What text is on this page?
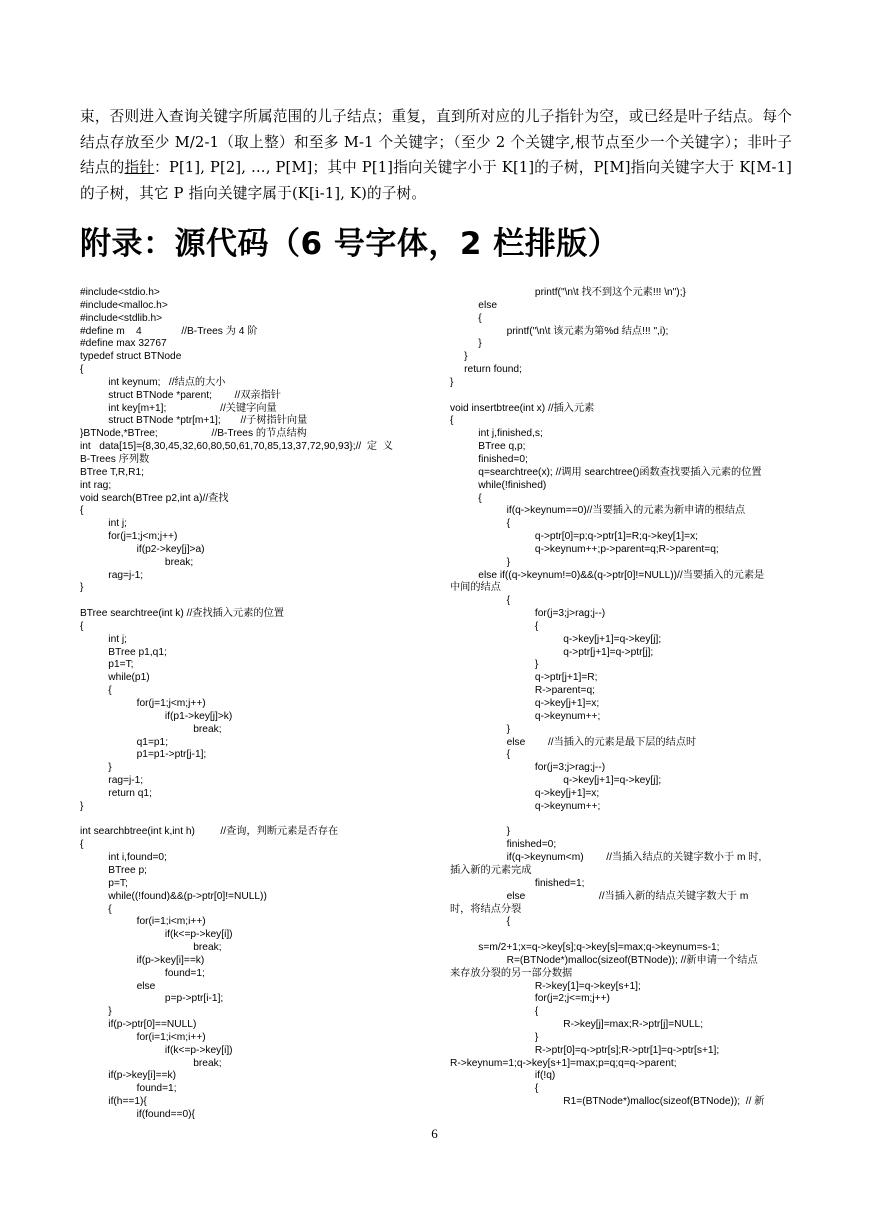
束，否则进入查询关键字所属范围的儿子结点；重复，直到所对应的儿子指针为空，或已经是叶子结点。每个结点存放至少 M/2-1（取上整）和至多 M-1 个关键字；（至少 2 个关键字,根节点至少一个关键字）；非叶子结点的指针：P[1], P[2], …, P[M]；其中 P[1]指向关键字小于 K[1]的子树，P[M]指向关键字大于 K[M-1]的子树，其它 P 指向关键字属于(K[i-1], K)的子树。
附录：源代码（6 号字体，2 栏排版）
#include<stdio.h>
#include<malloc.h>
#include<stdlib.h>
#define m    4              //B-Trees 为 4 阶
#define max 32767
typedef struct BTNode
{
int keynum;   //结点的大小
struct BTNode *parent;        //双亲指针
int key[m+1];                   //关键字向量
struct BTNode *ptr[m+1];       //子树指针向量
}BTNode,*BTree;                   //B-Trees 的节点结构
int   data[15]={8,30,45,32,60,80,50,61,70,85,13,37,72,90,93};//  定  义
B-Trees 序列数
BTree T,R,R1;
int rag;
void search(BTree p2,int a)//查找
{
int j;
for(j=1;j<m;j++)
if(p2->key[j]>a)
break;
rag=j-1;
}
BTree searchtree(int k) //查找插入元素的位置
{
int j;
BTree p1,q1;
p1=T;
while(p1)
{
for(j=1;j<m;j++)
if(p1->key[j]>k)
break;
q1=p1;
p1=p1->ptr[j-1];
}
rag=j-1;
return q1;
}
int searchbtree(int k,int h)         //查询，判断元素是否存在
{
int i,found=0;
BTree p;
p=T;
while((!found)&&(p->ptr[0]!=NULL))
{
for(i=1;i<m;i++)
if(k<=p->key[i])
break;
if(p->key[i]==k)
found=1;
else
p=p->ptr[i-1];
}
if(p->ptr[0]==NULL)
for(i=1;i<m;i++)
if(k<=p->key[i])
break;
if(p->key[i]==k)
found=1;
if(h==1){
if(found==0){
printf("\n\t 找不到这个元素!!! \n");}
else
{
printf("\n\t 该元素为第%d 结点!!! ",i);
}
}
return found;
}
void insertbtree(int x) //插入元素
{
int j,finished,s;
BTree q,p;
finished=0;
q=searchtree(x); //调用 searchtree()函数查找要插入元素的位置
while(!finished)
{
if(q->keynum==0)//当要插入的元素为新申请的根结点
{
q->ptr[0]=p;q->ptr[1]=R;q->key[1]=x;
q->keynum++;p->parent=q;R->parent=q;
}
else if((q->keynum!=0)&&(q->ptr[0]!=NULL))//当要插入的元素是
中间的结点
{
for(j=3;j>rag;j--)
{
q->key[j+1]=q->key[j];
q->ptr[j+1]=q->ptr[j];
}
q->ptr[j+1]=R;
R->parent=q;
q->key[j+1]=x;
q->keynum++;
}
else        //当插入的元素是最下层的结点时
{
for(j=3;j>rag;j--)
q->key[j+1]=q->key[j];
q->key[j+1]=x;
q->keynum++;
}
finished=0;
if(q->keynum<m)        //当插入结点的关键字数小于 m 时,
插入新的元素完成
finished=1;
else                          //当插入新的结点关键字数大于 m
时，将结点分裂
{
s=m/2+1;x=q->key[s];q->key[s]=max;q->keynum=s-1;
R=(BTNode*)malloc(sizeof(BTNode)); //新申请一个结点
来存放分裂的另一部分数据
R->key[1]=q->key[s+1];
for(j=2;j<=m;j++)
{
R->key[j]=max;R->ptr[j]=NULL;
}
R->ptr[0]=q->ptr[s];R->ptr[1]=q->ptr[s+1];
R->keynum=1;q->key[s+1]=max;p=q;q=q->parent;
if(!q)
{
R1=(BTNode*)malloc(sizeof(BTNode));  // 新
6
